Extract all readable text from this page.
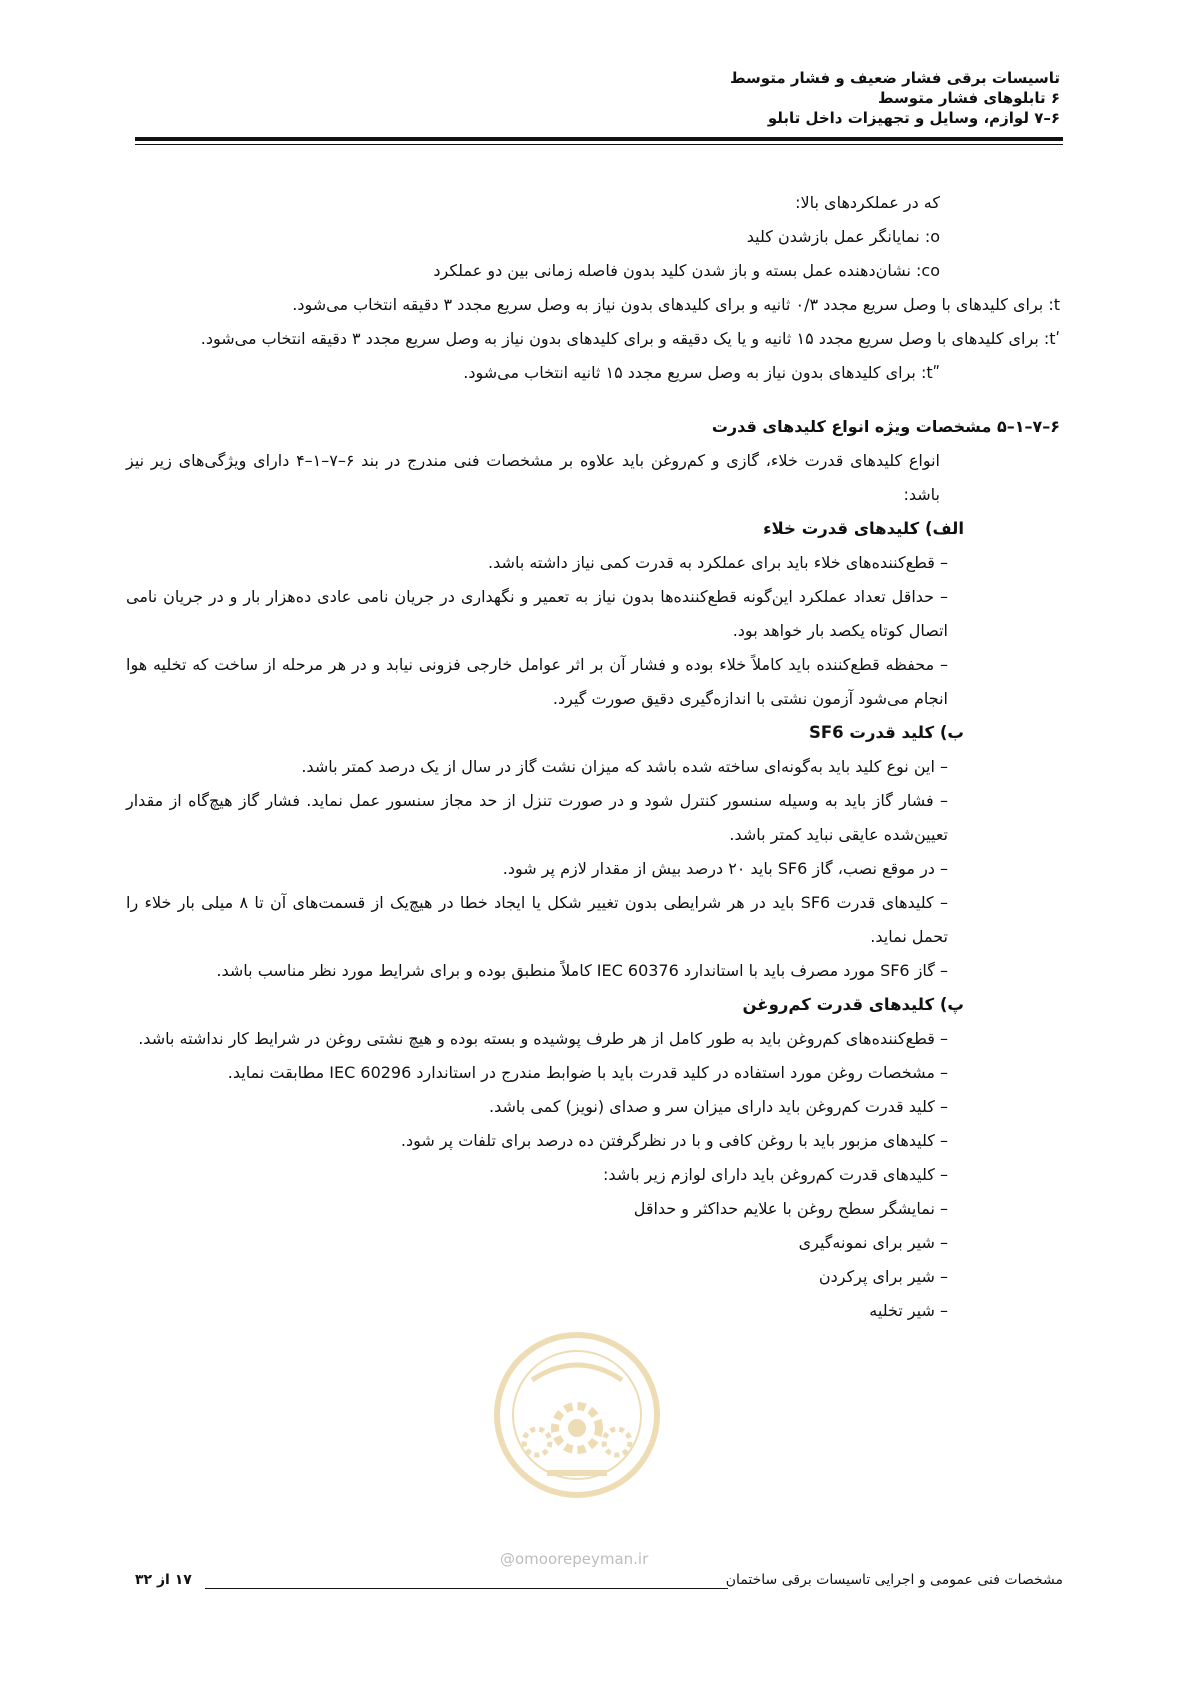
تاسیسات برقی فشار ضعیف و فشار متوسط
۶ تابلوهای فشار متوسط
۶–۷ لوازم، وسایل و تجهیزات داخل تابلو

که در عملکردهای بالا:

o: نمایانگر عمل بازشدن کلید

co: نشان‌دهنده عمل بسته و باز شدن کلید بدون فاصله زمانی بین دو عملکرد

t: برای کلیدهای با وصل سریع مجدد ۰/۳ ثانیه و برای کلیدهای بدون نیاز به وصل سریع مجدد ۳ دقیقه انتخاب می‌شود.

ʹt: برای کلیدهای با وصل سریع مجدد ۱۵ ثانیه و یا یک دقیقه و برای کلیدهای بدون نیاز به وصل سریع مجدد ۳ دقیقه انتخاب می‌شود.

ʺt: برای کلیدهای بدون نیاز به وصل سریع مجدد ۱۵ ثانیه انتخاب می‌شود.

۶–۷–۱–۵ مشخصات ویژه انواع کلیدهای قدرت

انواع کلیدهای قدرت خلاء، گازی و کم‌روغن باید علاوه بر مشخصات فنی مندرج در بند ۶–۷–۱–۴ دارای ویژگی‌های زیر نیز باشد:

الف) کلیدهای قدرت خلاء

– قطع‌کننده‌های خلاء باید برای عملکرد به قدرت کمی نیاز داشته باشد.

– حداقل تعداد عملکرد این‌گونه قطع‌کننده‌ها بدون نیاز به تعمیر و نگهداری در جریان نامی عادی ده‌هزار بار و در جریان نامی اتصال کوتاه یکصد بار خواهد بود.

– محفظه قطع‌کننده باید کاملاً خلاء بوده و فشار آن بر اثر عوامل خارجی فزونی نیابد و در هر مرحله از ساخت که تخلیه هوا انجام می‌شود آزمون نشتی با اندازه‌گیری دقیق صورت گیرد.

ب) کلید قدرت SF6

– این نوع کلید باید به‌گونه‌ای ساخته شده باشد که میزان نشت گاز در سال از یک درصد کمتر باشد.

– فشار گاز باید به وسیله سنسور کنترل شود و در صورت تنزل از حد مجاز سنسور عمل نماید. فشار گاز هیچ‌گاه از مقدار تعیین‌شده عایقی نباید کمتر باشد.

– در موقع نصب، گاز SF6 باید ۲۰ درصد بیش از مقدار لازم پر شود.

– کلیدهای قدرت SF6 باید در هر شرایطی بدون تغییر شکل یا ایجاد خطا در هیچ‌یک از قسمت‌های آن تا ۸ میلی بار خلاء را تحمل نماید.

– گاز SF6 مورد مصرف باید با استاندارد IEC 60376 کاملاً منطبق بوده و برای شرایط مورد نظر مناسب باشد.

پ) کلیدهای قدرت کم‌روغن

– قطع‌کننده‌های کم‌روغن باید به طور کامل از هر طرف پوشیده و بسته بوده و هیچ نشتی روغن در شرایط کار نداشته باشد.

– مشخصات روغن مورد استفاده در کلید قدرت باید با ضوابط مندرج در استاندارد IEC 60296 مطابقت نماید.

– کلید قدرت کم‌روغن باید دارای میزان سر و صدای (نویز) کمی باشد.

– کلیدهای مزبور باید با روغن کافی و با در نظرگرفتن ده درصد برای تلفات پر شود.

– کلیدهای قدرت کم‌روغن باید دارای لوازم زیر باشد:

– نمایشگر سطح روغن با علایم حداکثر و حداقل

– شیر برای نمونه‌گیری

– شیر برای پرکردن

– شیر تخلیه

@omoorepeyman.ir
مشخصات فنی عمومی و اجرایی تاسیسات برقی ساختمان
۱۷ از ۳۲
